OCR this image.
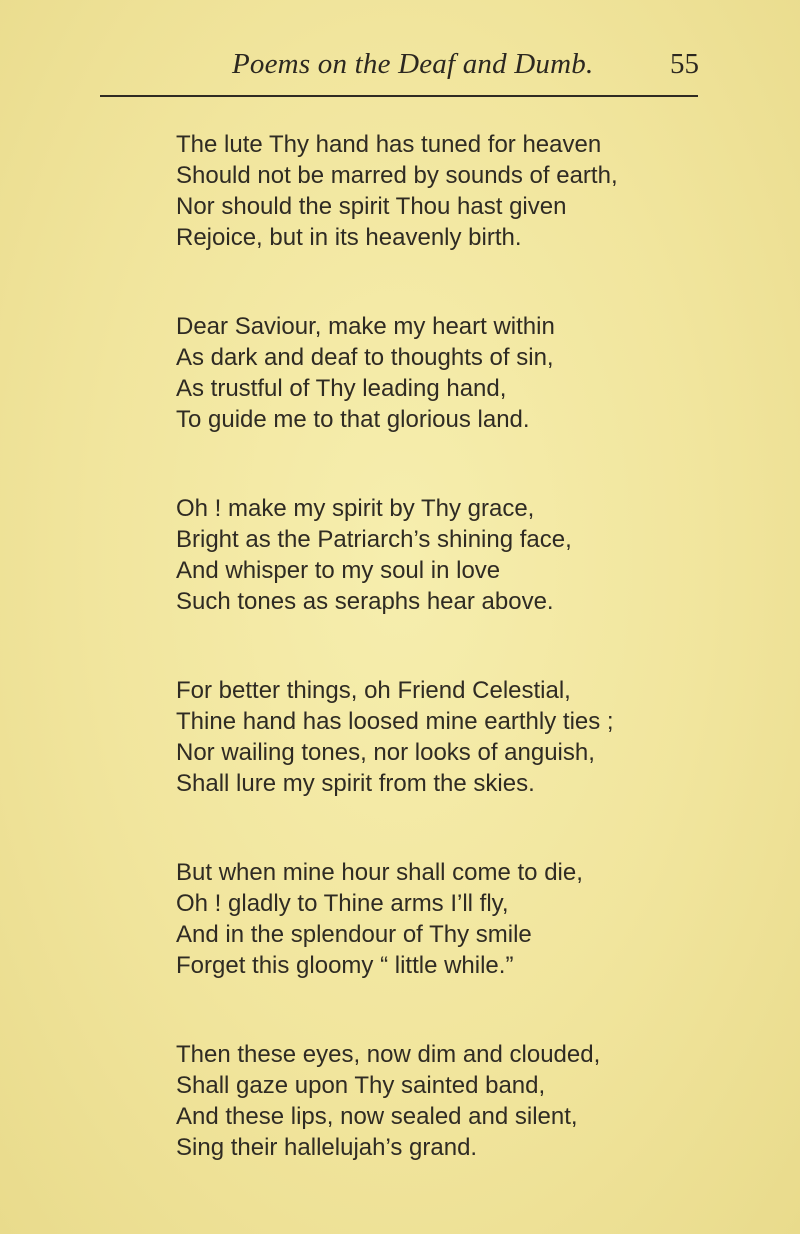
Poems on the Deaf and Dumb.	55
The lute Thy hand has tuned for heaven
Should not be marred by sounds of earth,
Nor should the spirit Thou hast given
Rejoice, but in its heavenly birth.
Dear Saviour, make my heart within
As dark and deaf to thoughts of sin,
As trustful of Thy leading hand,
To guide me to that glorious land.
Oh ! make my spirit by Thy grace,
Bright as the Patriarch’s shining face,
And whisper to my soul in love
Such tones as seraphs hear above.
For better things, oh Friend Celestial,
Thine hand has loosed mine earthly ties ;
Nor wailing tones, nor looks of anguish,
Shall lure my spirit from the skies.
But when mine hour shall come to die,
Oh ! gladly to Thine arms I’ll fly,
And in the splendour of Thy smile
Forget this gloomy “ little while.”
Then these eyes, now dim and clouded,
Shall gaze upon Thy sainted band,
And these lips, now sealed and silent,
Sing their hallelujah’s grand.
